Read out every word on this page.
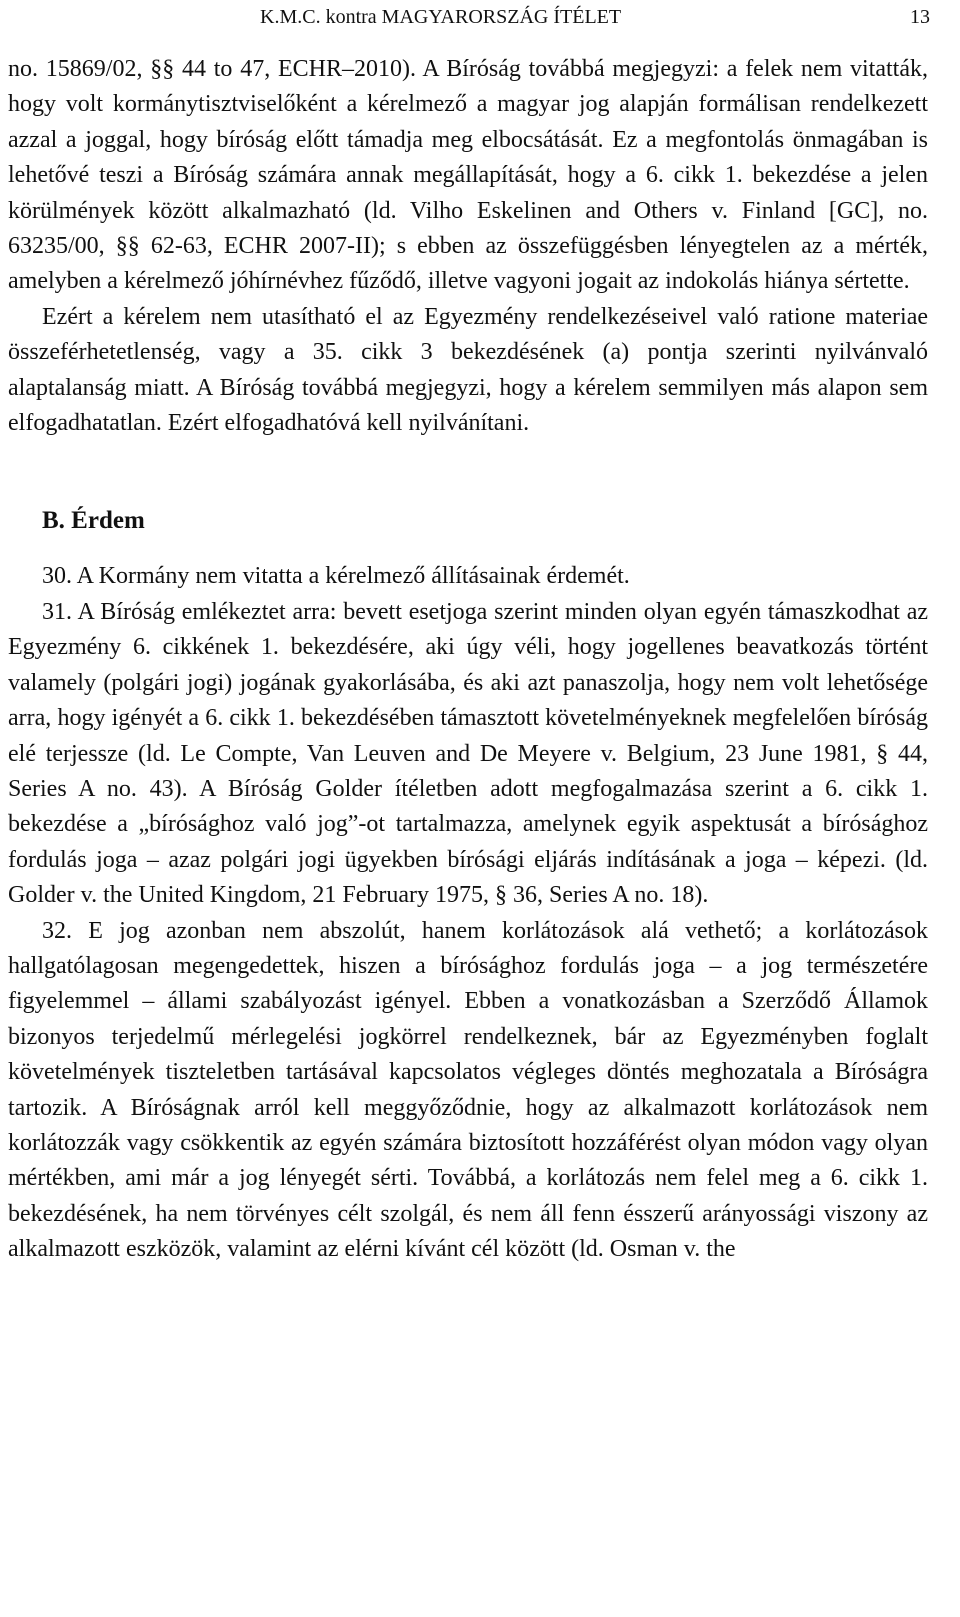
K.M.C. kontra MAGYARORSZÁG ÍTÉLET	13

no. 15869/02, §§ 44 to 47, ECHR–2010). A Bíróság továbbá megjegyzi: a felek nem vitatták, hogy volt kormánytisztviselőként a kérelmező a magyar jog alapján formálisan rendelkezett azzal a joggal, hogy bíróság előtt támadja meg elbocsátását. Ez a megfontolás önmagában is lehetővé teszi a Bíróság számára annak megállapítását, hogy a 6. cikk 1. bekezdése a jelen körülmények között alkalmazható (ld. Vilho Eskelinen and Others v. Finland [GC], no. 63235/00, §§ 62-63, ECHR 2007-II); s ebben az összefüggésben lényegtelen az a mérték, amelyben a kérelmező jóhírnévhez fűződő, illetve vagyoni jogait az indokolás hiánya sértette.

Ezért a kérelem nem utasítható el az Egyezmény rendelkezéseivel való ratione materiae összeférhetetlenség, vagy a 35. cikk 3 bekezdésének (a) pontja szerinti nyilvánvaló alaptalanság miatt. A Bíróság továbbá megjegyzi, hogy a kérelem semmilyen más alapon sem elfogadhatatlan. Ezért elfogadhatóvá kell nyilvánítani.

B. Érdem

30. A Kormány nem vitatta a kérelmező állításainak érdemét.

31. A Bíróság emlékeztet arra: bevett esetjoga szerint minden olyan egyén támaszkodhat az Egyezmény 6. cikkének 1. bekezdésére, aki úgy véli, hogy jogellenes beavatkozás történt valamely (polgári jogi) jogának gyakorlásába, és aki azt panaszolja, hogy nem volt lehetősége arra, hogy igényét a 6. cikk 1. bekezdésében támasztott követelményeknek megfelelően bíróság elé terjessze (ld. Le Compte, Van Leuven and De Meyere v. Belgium, 23 June 1981, § 44, Series A no. 43). A Bíróság Golder ítéletben adott megfogalmazása szerint a 6. cikk 1. bekezdése a „bírósághoz való jog”-ot tartalmazza, amelynek egyik aspektusát a bírósághoz fordulás joga – azaz polgári jogi ügyekben bírósági eljárás indításának a joga – képezi. (ld. Golder v. the United Kingdom, 21 February 1975, § 36, Series A no. 18).

32. E jog azonban nem abszolút, hanem korlátozások alá vethető; a korlátozások hallgatólagosan megengedettek, hiszen a bírósághoz fordulás joga – a jog természetére figyelemmel – állami szabályozást igényel. Ebben a vonatkozásban a Szerződő Államok bizonyos terjedelmű mérlegelési jogkörrel rendelkeznek, bár az Egyezményben foglalt követelmények tiszteletben tartásával kapcsolatos végleges döntés meghozatala a Bíróságra tartozik. A Bíróságnak arról kell meggyőződnie, hogy az alkalmazott korlátozások nem korlátozzák vagy csökkentik az egyén számára biztosított hozzáférést olyan módon vagy olyan mértékben, ami már a jog lényegét sérti. Továbbá, a korlátozás nem felel meg a 6. cikk 1. bekezdésének, ha nem törvényes célt szolgál, és nem áll fenn ésszerű arányossági viszony az alkalmazott eszközök, valamint az elérni kívánt cél között (ld. Osman v. the
